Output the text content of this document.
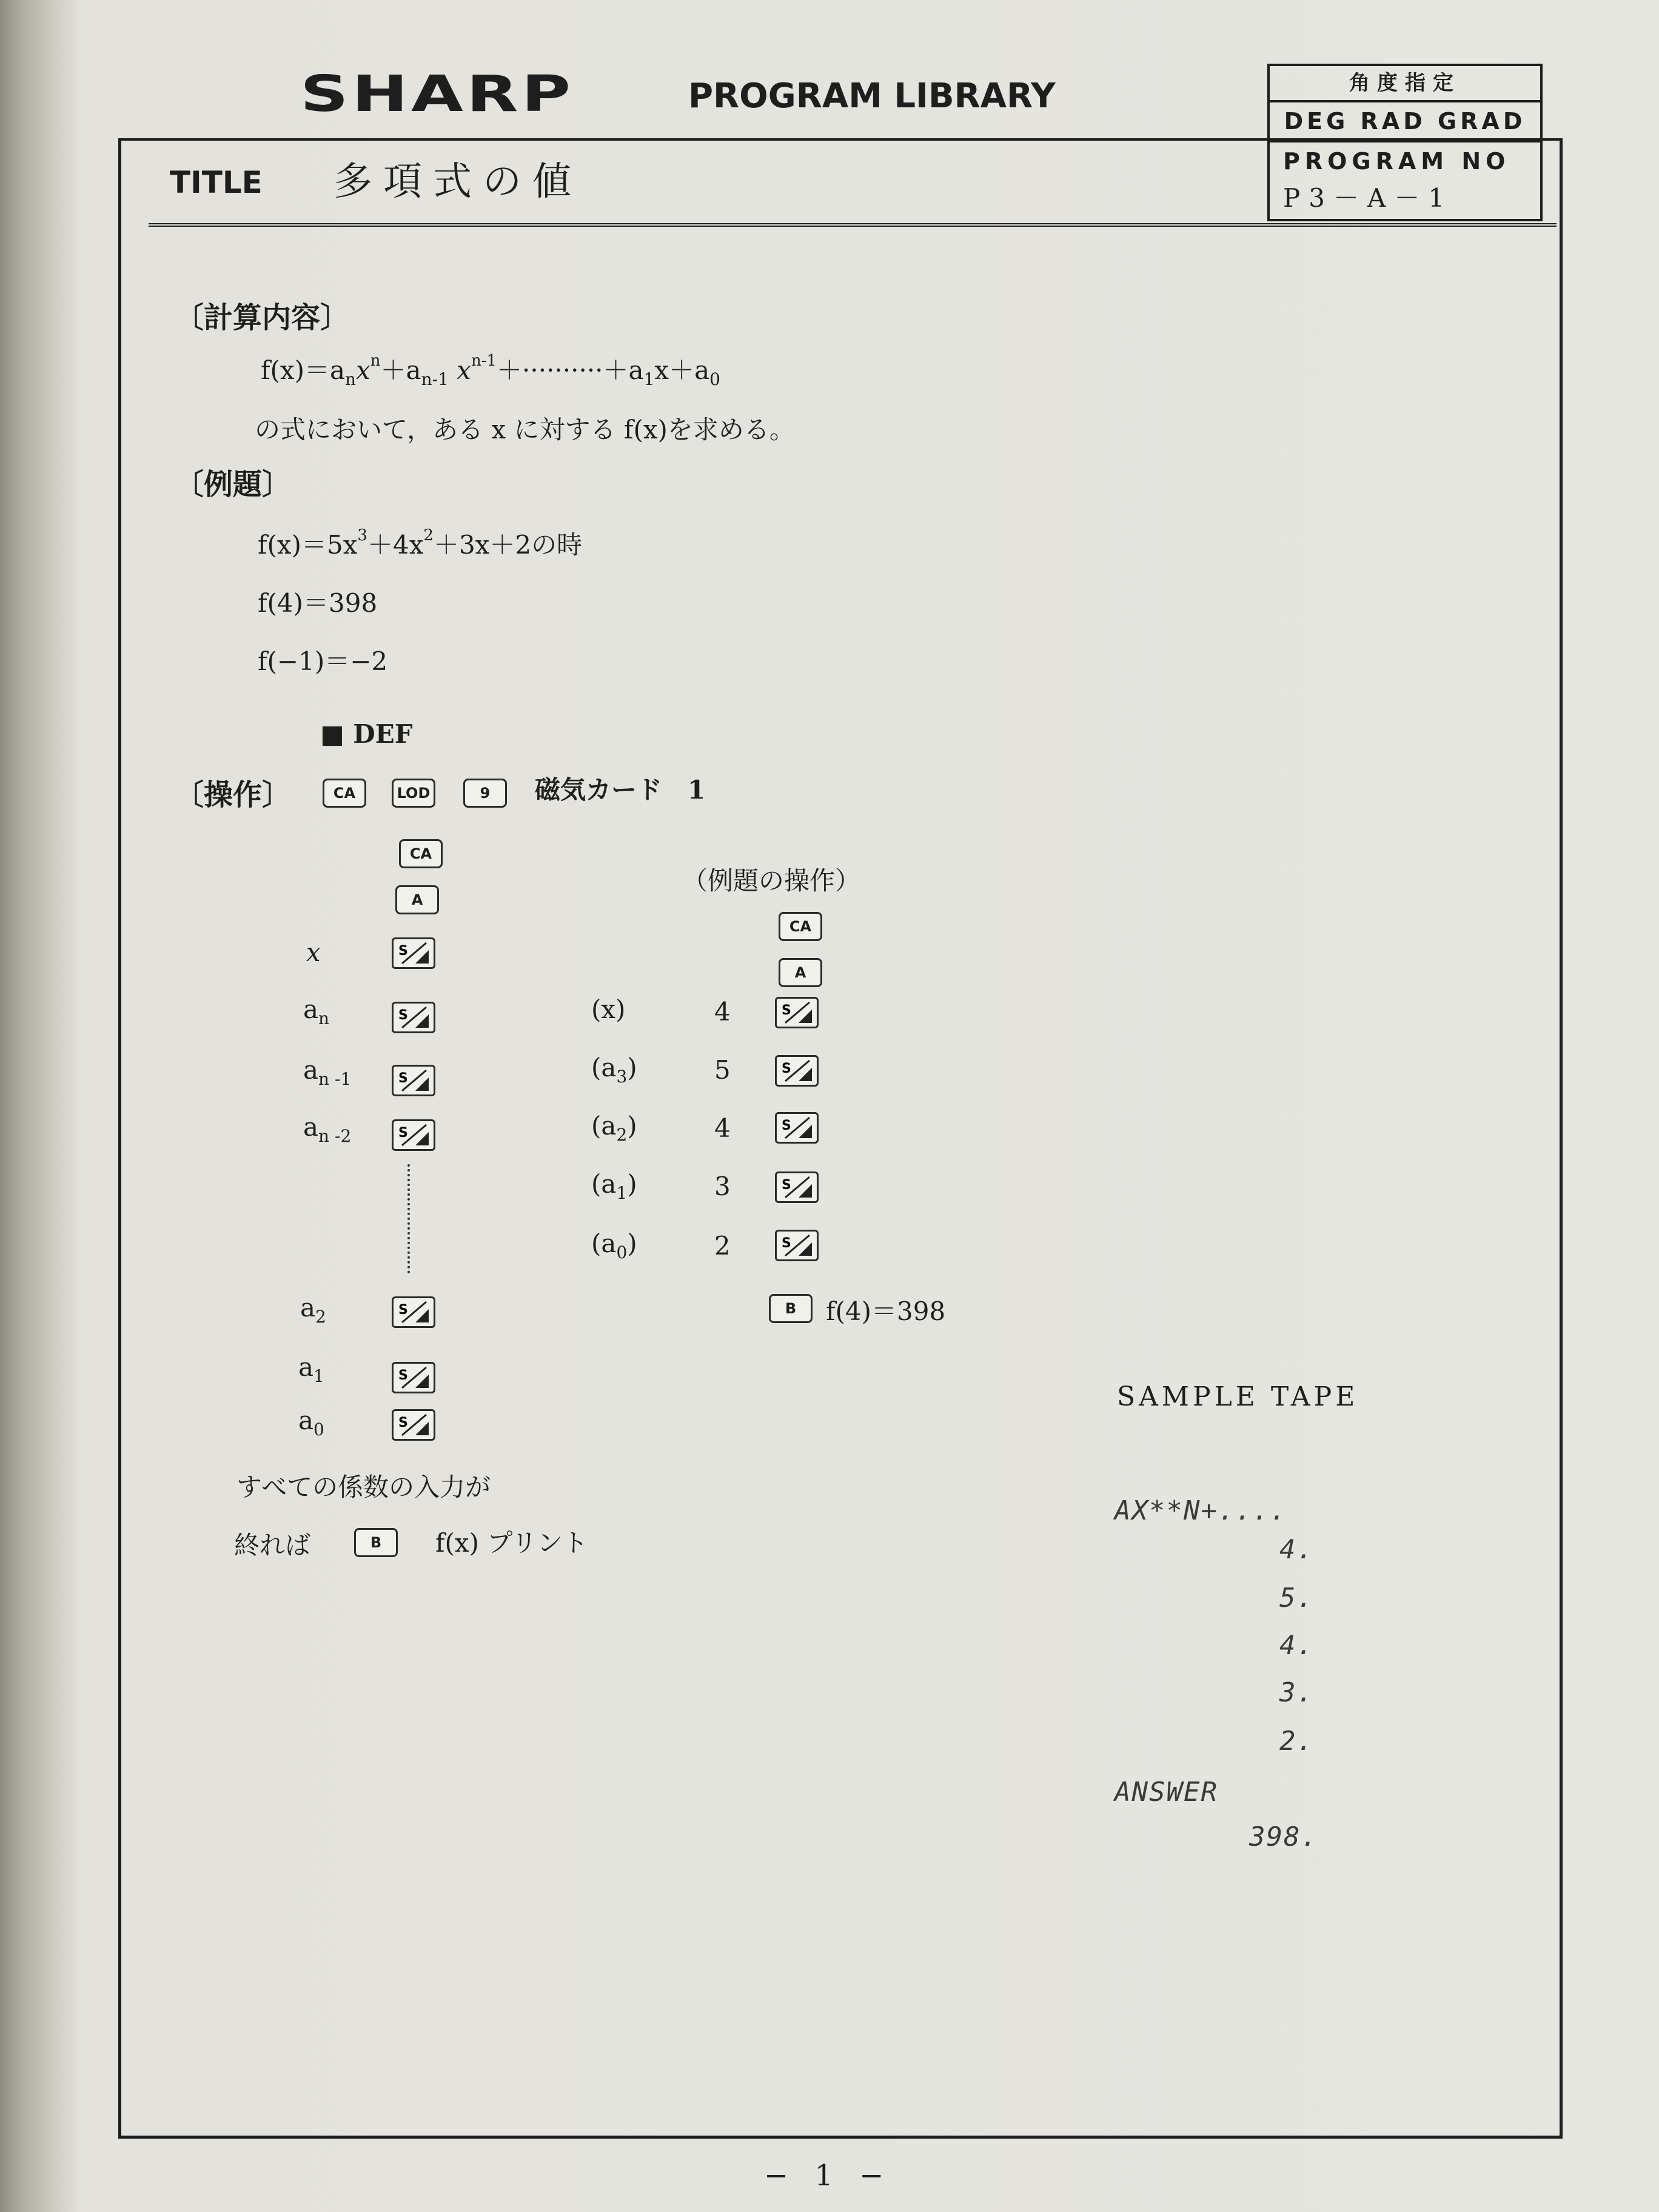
SHARP	PROGRAM LIBRARY	角度指定
DEG RAD GRAD
PROGRAM NO
P3－A－1
TITLE 多項式の値
〔計算内容〕
$f(x)=a_nx^n+a_{n-1}$ $x^{n-1}+\cdot\cdot\cdot\cdot\cdot\cdot\cdot\cdot\cdot\cdot+a_1x+a_0$
の式において，ある x に対する f(x)を求める。
〔例題〕
$f(x)=5x^3+4x^2+3x+2$の時
f(4)＝398
f(−1)＝−2
■ DEF
〔操作〕	CA	LOD	9	磁気カード　1
CA
A
x	S
$a_n$	S
$a_{n -1}$	S
$a_{n -2}$	S
$a_2$	S
$a_1$	S
$a_0$	S
すべての係数の入力が
終れば	B	f(x) プリント
（例題の操作）
CA
A
(x)	4	S
$(a_3)$	5	S
$(a_2)$	4	S
$(a_1)$	3	S
$(a_0)$	2	S
B	f(4)＝398
SAMPLE TAPE
AX**N+....
4.
5.
4.
3.
2.
ANSWER
398.
− 1 −
